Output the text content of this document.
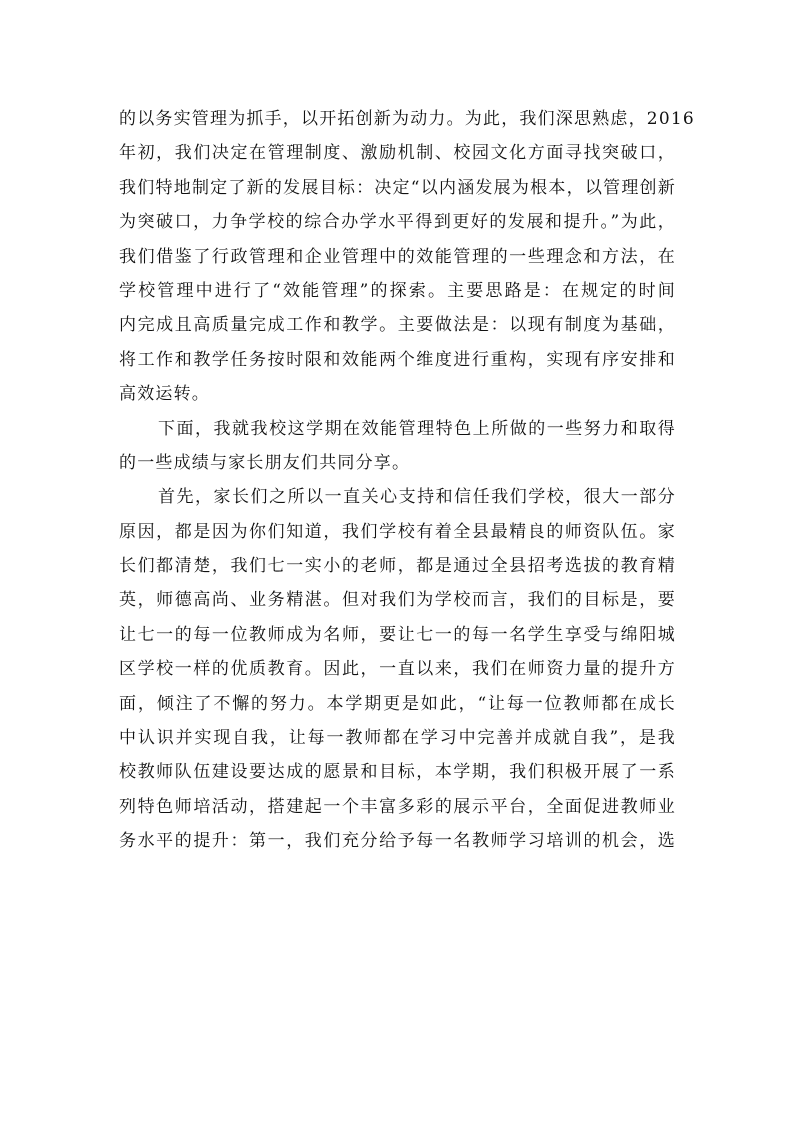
的以务实管理为抓手，以开拓创新为动力。为此，我们深思熟虑，2016
年初，我们决定在管理制度、激励机制、校园文化方面寻找突破口，
我们特地制定了新的发展目标：决定“以内涵发展为根本，以管理创新
为突破口，力争学校的综合办学水平得到更好的发展和提升。”为此，
我们借鉴了行政管理和企业管理中的效能管理的一些理念和方法，在
学校管理中进行了“效能管理”的探索。主要思路是：在规定的时间
内完成且高质量完成工作和教学。主要做法是：以现有制度为基础，
将工作和教学任务按时限和效能两个维度进行重构，实现有序安排和
高效运转。
下面，我就我校这学期在效能管理特色上所做的一些努力和取得
的一些成绩与家长朋友们共同分享。
首先，家长们之所以一直关心支持和信任我们学校，很大一部分
原因，都是因为你们知道，我们学校有着全县最精良的师资队伍。家
长们都清楚，我们七一实小的老师，都是通过全县招考选拔的教育精
英，师德高尚、业务精湛。但对我们为学校而言，我们的目标是，要
让七一的每一位教师成为名师，要让七一的每一名学生享受与绵阳城
区学校一样的优质教育。因此，一直以来，我们在师资力量的提升方
面，倾注了不懈的努力。本学期更是如此，“让每一位教师都在成长
中认识并实现自我，让每一教师都在学习中完善并成就自我”，是我
校教师队伍建设要达成的愿景和目标，本学期，我们积极开展了一系
列特色师培活动，搭建起一个丰富多彩的展示平台，全面促进教师业
务水平的提升：第一，我们充分给予每一名教师学习培训的机会，选
